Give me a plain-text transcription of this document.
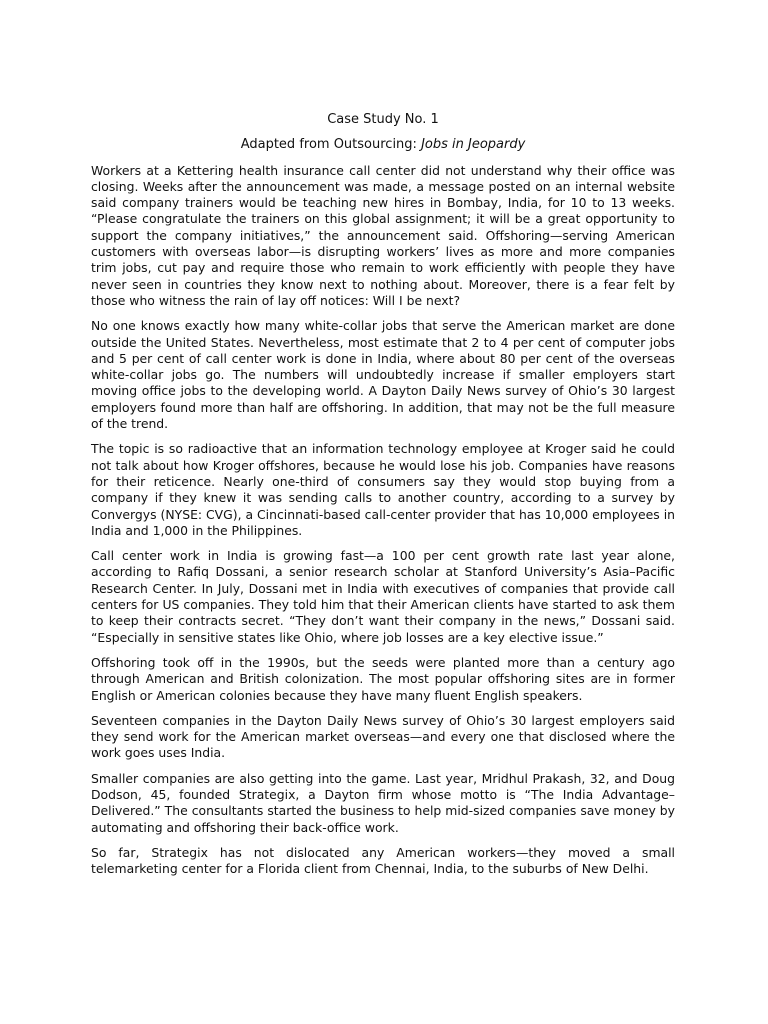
Case Study No. 1
Adapted from Outsourcing: Jobs in Jeopardy

Workers at a Kettering health insurance call center did not understand why their office was closing. Weeks after the announcement was made, a message posted on an internal website said company trainers would be teaching new hires in Bombay, India, for 10 to 13 weeks. “Please congratulate the trainers on this global assignment; it will be a great opportunity to support the company initiatives,” the announcement said. Offshoring—serving American customers with overseas labor—is disrupting workers’ lives as more and more companies trim jobs, cut pay and require those who remain to work efficiently with people they have never seen in countries they know next to nothing about. Moreover, there is a fear felt by those who witness the rain of lay off notices: Will I be next?

No one knows exactly how many white-collar jobs that serve the American market are done outside the United States. Nevertheless, most estimate that 2 to 4 per cent of computer jobs and 5 per cent of call center work is done in India, where about 80 per cent of the overseas white-collar jobs go. The numbers will undoubtedly increase if smaller employers start moving office jobs to the developing world. A Dayton Daily News survey of Ohio’s 30 largest employers found more than half are offshoring. In addition, that may not be the full measure of the trend.

The topic is so radioactive that an information technology employee at Kroger said he could not talk about how Kroger offshores, because he would lose his job. Companies have reasons for their reticence. Nearly one-third of consumers say they would stop buying from a company if they knew it was sending calls to another country, according to a survey by Convergys (NYSE: CVG), a Cincinnati-based call-center provider that has 10,000 employees in India and 1,000 in the Philippines.

Call center work in India is growing fast—a 100 per cent growth rate last year alone, according to Rafiq Dossani, a senior research scholar at Stanford University’s Asia–Pacific Research Center. In July, Dossani met in India with executives of companies that provide call centers for US companies. They told him that their American clients have started to ask them to keep their contracts secret. “They don’t want their company in the news,” Dossani said. “Especially in sensitive states like Ohio, where job losses are a key elective issue.”

Offshoring took off in the 1990s, but the seeds were planted more than a century ago through American and British colonization. The most popular offshoring sites are in former English or American colonies because they have many fluent English speakers.

Seventeen companies in the Dayton Daily News survey of Ohio’s 30 largest employers said they send work for the American market overseas—and every one that disclosed where the work goes uses India.

Smaller companies are also getting into the game. Last year, Mridhul Prakash, 32, and Doug Dodson, 45, founded Strategix, a Dayton firm whose motto is “The India Advantage–Delivered.” The consultants started the business to help mid-sized companies save money by automating and offshoring their back-office work.

So far, Strategix has not dislocated any American workers—they moved a small telemarketing center for a Florida client from Chennai, India, to the suburbs of New Delhi.
